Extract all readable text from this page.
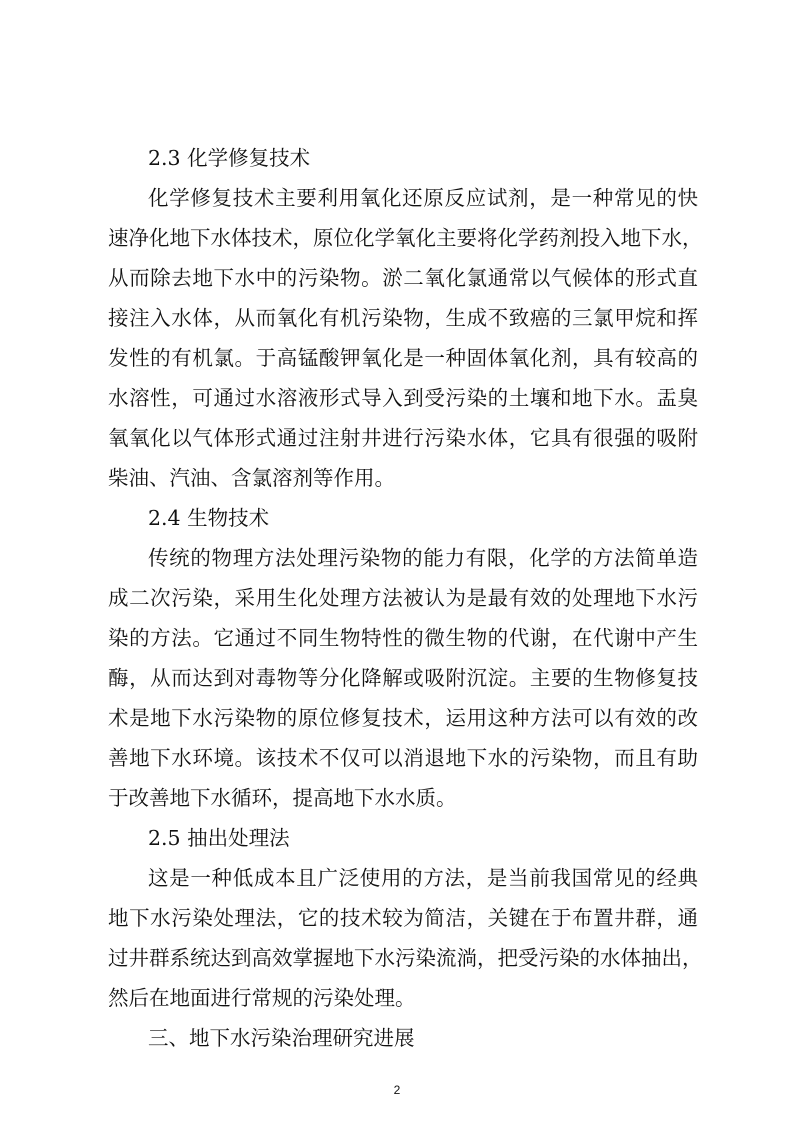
2.3 化学修复技术
化学修复技术主要利用氧化还原反应试剂，是一种常见的快
速净化地下水体技术，原位化学氧化主要将化学药剂投入地下水，
从而除去地下水中的污染物。淤二氧化氯通常以气候体的形式直
接注入水体，从而氧化有机污染物，生成不致癌的三氯甲烷和挥
发性的有机氯。于高锰酸钾氧化是一种固体氧化剂，具有较高的
水溶性，可通过水溶液形式导入到受污染的土壤和地下水。盂臭
氧氧化以气体形式通过注射井进行污染水体，它具有很强的吸附
柴油、汽油、含氯溶剂等作用。
2.4 生物技术
传统的物理方法处理污染物的能力有限，化学的方法简单造
成二次污染，采用生化处理方法被认为是最有效的处理地下水污
染的方法。它通过不同生物特性的微生物的代谢，在代谢中产生
酶，从而达到对毒物等分化降解或吸附沉淀。主要的生物修复技
术是地下水污染物的原位修复技术，运用这种方法可以有效的改
善地下水环境。该技术不仅可以消退地下水的污染物，而且有助
于改善地下水循环，提高地下水水质。
2.5 抽出处理法
这是一种低成本且广泛使用的方法，是当前我国常见的经典
地下水污染处理法，它的技术较为简洁，关键在于布置井群，通
过井群系统达到高效掌握地下水污染流淌，把受污染的水体抽出，
然后在地面进行常规的污染处理。
三、地下水污染治理研究进展
2
